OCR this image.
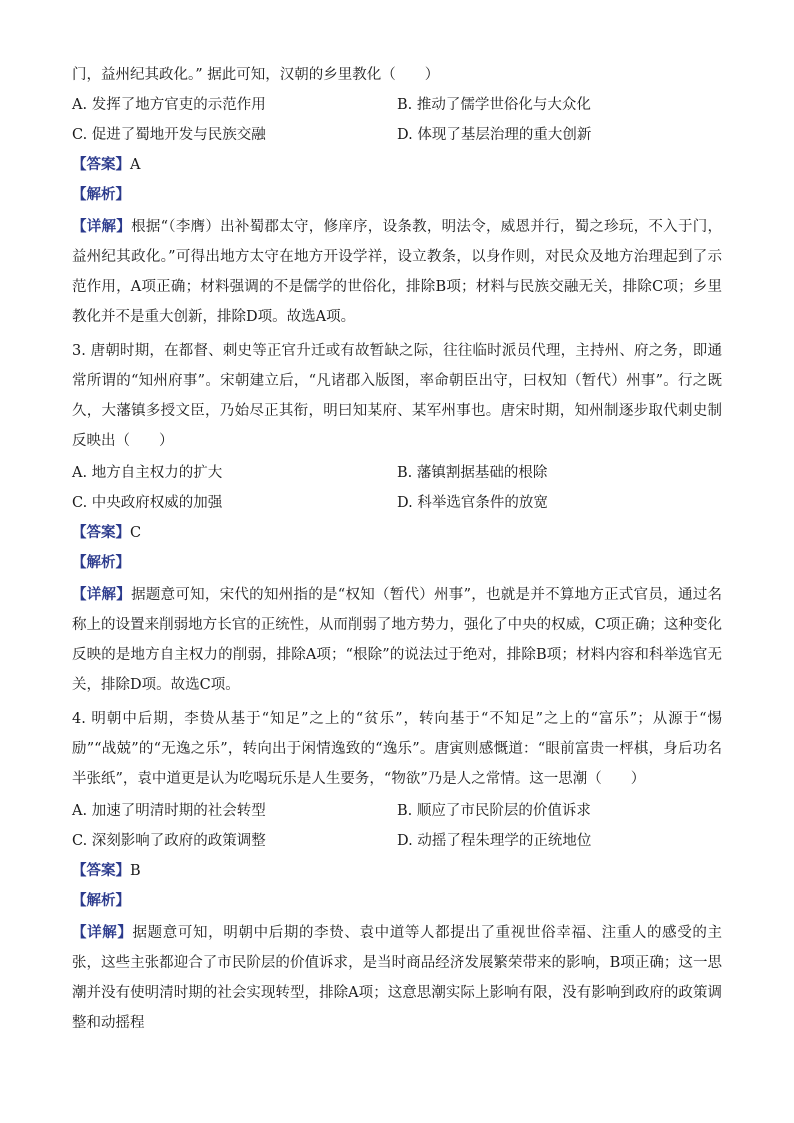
门，益州纪其政化。” 据此可知，汉朝的乡里教化（　　）
A. 发挥了地方官吏的示范作用	B. 推动了儒学世俗化与大众化
C. 促进了蜀地开发与民族交融	D. 体现了基层治理的重大创新
【答案】A
【解析】

【详解】根据“（李膺）出补蜀郡太守，修庠序，设条教，明法令，威恩并行，蜀之珍玩，不入于门，益州纪其政化。”可得出地方太守在地方开设学祥，设立教条，以身作则，对民众及地方治理起到了示范作用，A项正确；材料强调的不是儒学的世俗化，排除B项；材料与民族交融无关，排除C项；乡里教化并不是重大创新，排除D项。故选A项。

3. 唐朝时期，在都督、刺史等正官升迁或有故暂缺之际，往往临时派员代理，主持州、府之务，即通常所谓的“知州府事”。宋朝建立后，“凡诸郡入版图，率命朝臣出守，曰权知（暂代）州事”。行之既久，大藩镇多授文臣，乃始尽正其衔，明曰知某府、某军州事也。唐宋时期，知州制逐步取代刺史制反映出（　　）

A. 地方自主权力的扩大	B. 藩镇割据基础的根除
C. 中央政府权威的加强	D. 科举选官条件的放宽
【答案】C
【解析】

【详解】据题意可知，宋代的知州指的是“权知（暂代）州事”，也就是并不算地方正式官员，通过名称上的设置来削弱地方长官的正统性，从而削弱了地方势力，强化了中央的权威，C项正确；这种变化反映的是地方自主权力的削弱，排除A项；“根除”的说法过于绝对，排除B项；材料内容和科举选官无关，排除D项。故选C项。

4. 明朝中后期，李贽从基于“知足”之上的“贫乐”，转向基于“不知足”之上的“富乐”；从源于“惕励”“战兢”的“无逸之乐”，转向出于闲情逸致的“逸乐”。唐寅则感慨道：“眼前富贵一枰棋，身后功名半张纸”，袁中道更是认为吃喝玩乐是人生要务，“物欲”乃是人之常情。这一思潮（　　）

A. 加速了明清时期的社会转型	B. 顺应了市民阶层的价值诉求
C. 深刻影响了政府的政策调整	D. 动摇了程朱理学的正统地位
【答案】B
【解析】

【详解】据题意可知，明朝中后期的李贽、袁中道等人都提出了重视世俗幸福、注重人的感受的主张，这些主张都迎合了市民阶层的价值诉求，是当时商品经济发展繁荣带来的影响，B项正确；这一思潮并没有使明清时期的社会实现转型，排除A项；这意思潮实际上影响有限，没有影响到政府的政策调整和动摇程
